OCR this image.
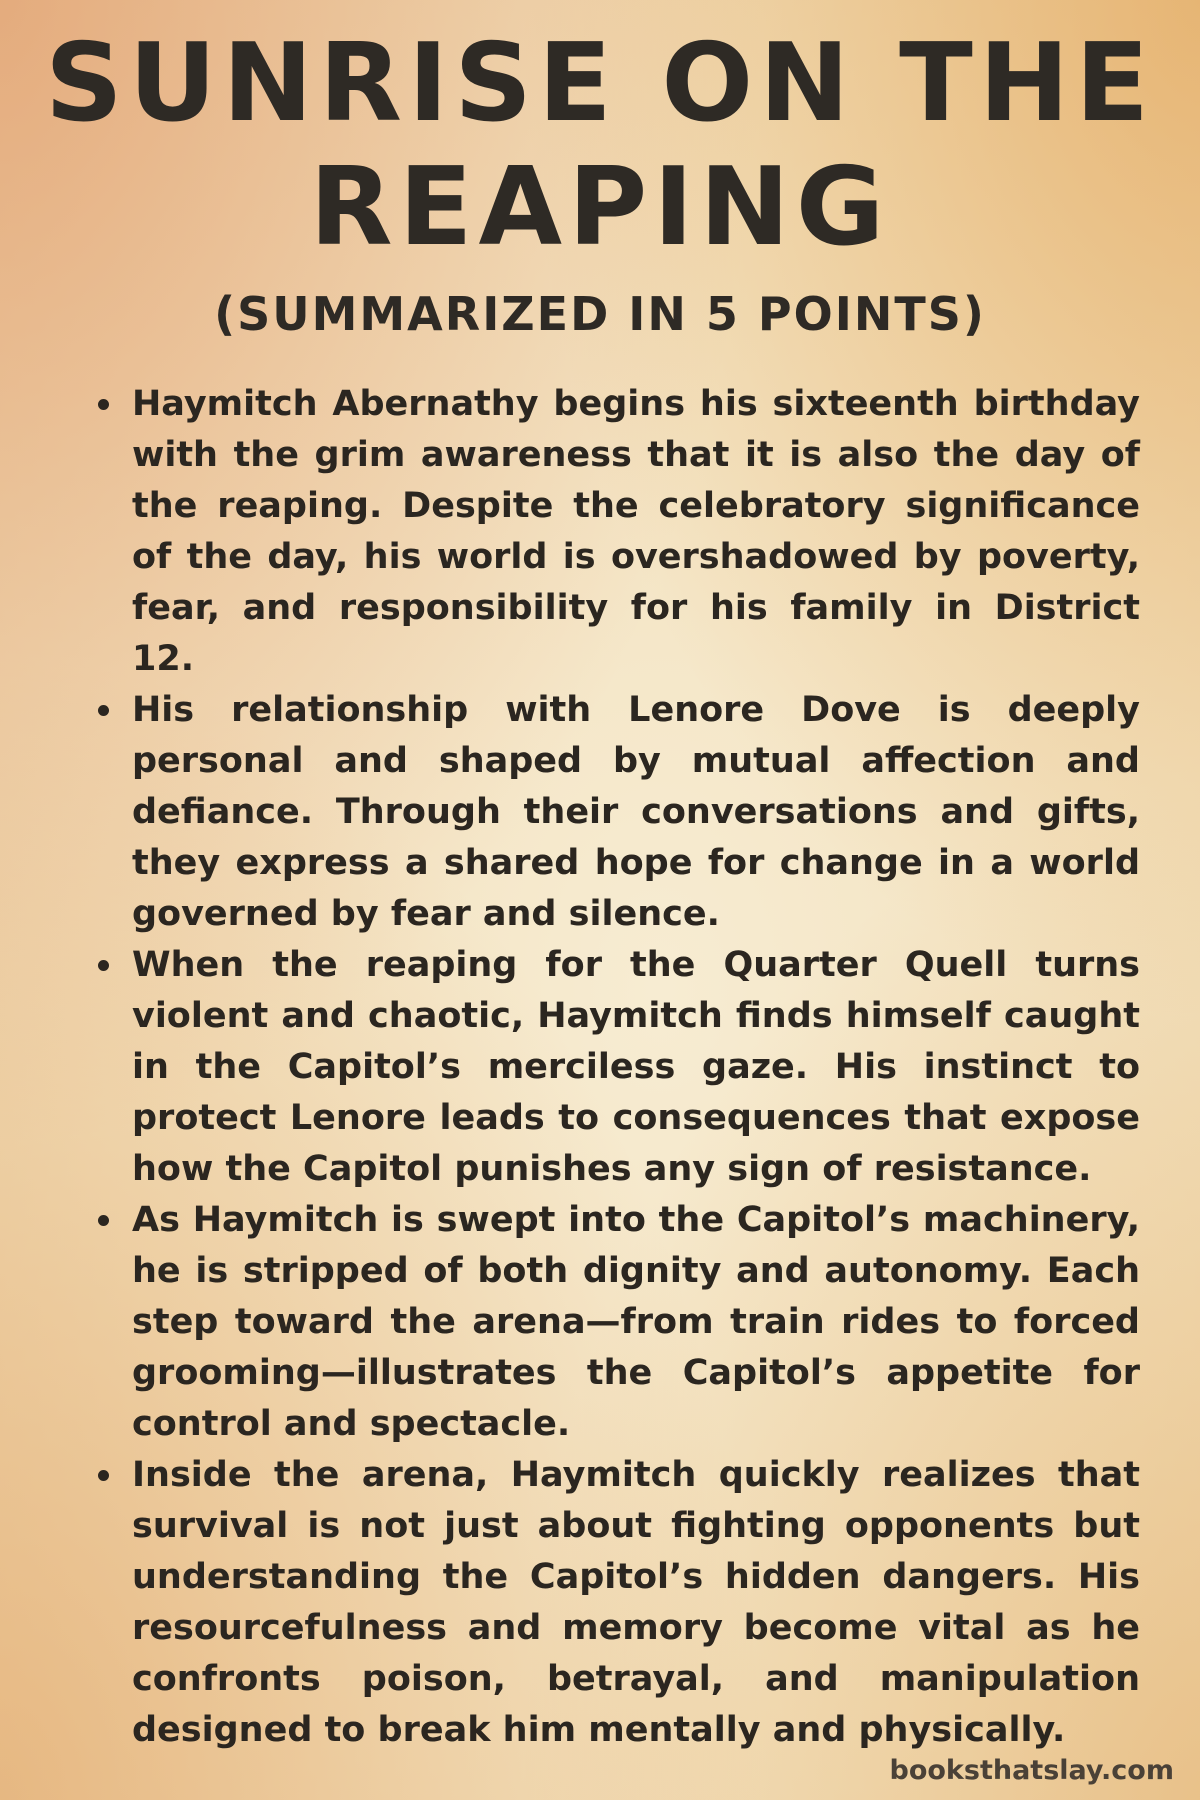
SUNRISE ON THE REAPING
(SUMMARIZED IN 5 POINTS)
Haymitch Abernathy begins his sixteenth birthday with the grim awareness that it is also the day of the reaping. Despite the celebratory significance of the day, his world is overshadowed by poverty, fear, and responsibility for his family in District 12.
His relationship with Lenore Dove is deeply personal and shaped by mutual affection and defiance. Through their conversations and gifts, they express a shared hope for change in a world governed by fear and silence.
When the reaping for the Quarter Quell turns violent and chaotic, Haymitch finds himself caught in the Capitol’s merciless gaze. His instinct to protect Lenore leads to consequences that expose how the Capitol punishes any sign of resistance.
As Haymitch is swept into the Capitol’s machinery, he is stripped of both dignity and autonomy. Each step toward the arena—from train rides to forced grooming—illustrates the Capitol’s appetite for control and spectacle.
Inside the arena, Haymitch quickly realizes that survival is not just about fighting opponents but understanding the Capitol’s hidden dangers. His resourcefulness and memory become vital as he confronts poison, betrayal, and manipulation designed to break him mentally and physically.
booksthatslay.com
